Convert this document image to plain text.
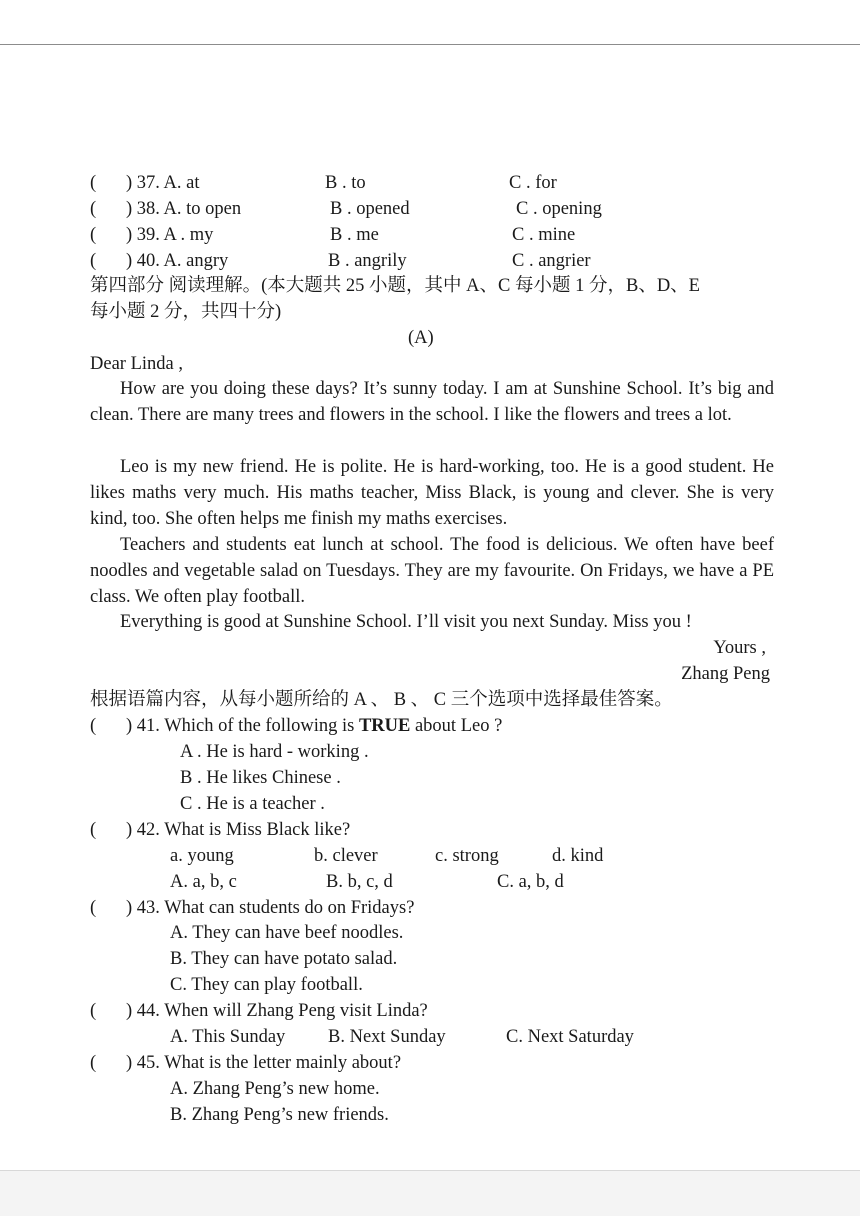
( ) 37. A. at	B . to	C . for
( ) 38. A. to open	B . opened	C . opening
( ) 39. A . my	B . me	C . mine
( ) 40. A. angry	B . angrily	C . angrier
第四部分 阅读理解。(本大题共 25 小题，其中 A、C 每小题 1 分，B、D、E
每小题 2 分，共四十分)
(A)
Dear Linda ,
How are you doing these days? It’s sunny today. I am at Sunshine School. It’s big and clean. There are many trees and flowers in the school. I like the flowers and trees a lot.
Leo is my new friend. He is polite. He is hard-working, too. He is a good student. He likes maths very much. His maths teacher, Miss Black, is young and clever. She is very kind, too. She often helps me finish my maths exercises.
Teachers and students eat lunch at school. The food is delicious. We often have beef noodles and vegetable salad on Tuesdays. They are my favourite. On Fridays, we have a PE class. We often play football.
Everything is good at Sunshine School. I’ll visit you next Sunday. Miss you !
Yours ,
Zhang Peng
根据语篇内容，从每小题所给的 A 、 B 、 C 三个选项中选择最佳答案。
( ) 41. Which of the following is TRUE about Leo ?
A . He is hard - working .
B . He likes Chinese .
C . He is a teacher .
( ) 42. What is Miss Black like?
a. young	b. clever	c. strong	d. kind
A. a, b, c	B. b, c, d	C. a, b, d
( ) 43. What can students do on Fridays?
A. They can have beef noodles.
B. They can have potato salad.
C. They can play football.
( ) 44. When will Zhang Peng visit Linda?
A. This Sunday B. Next Sunday	C. Next Saturday
( ) 45. What is the letter mainly about?
A. Zhang Peng’s new home.
B. Zhang Peng’s new friends.
